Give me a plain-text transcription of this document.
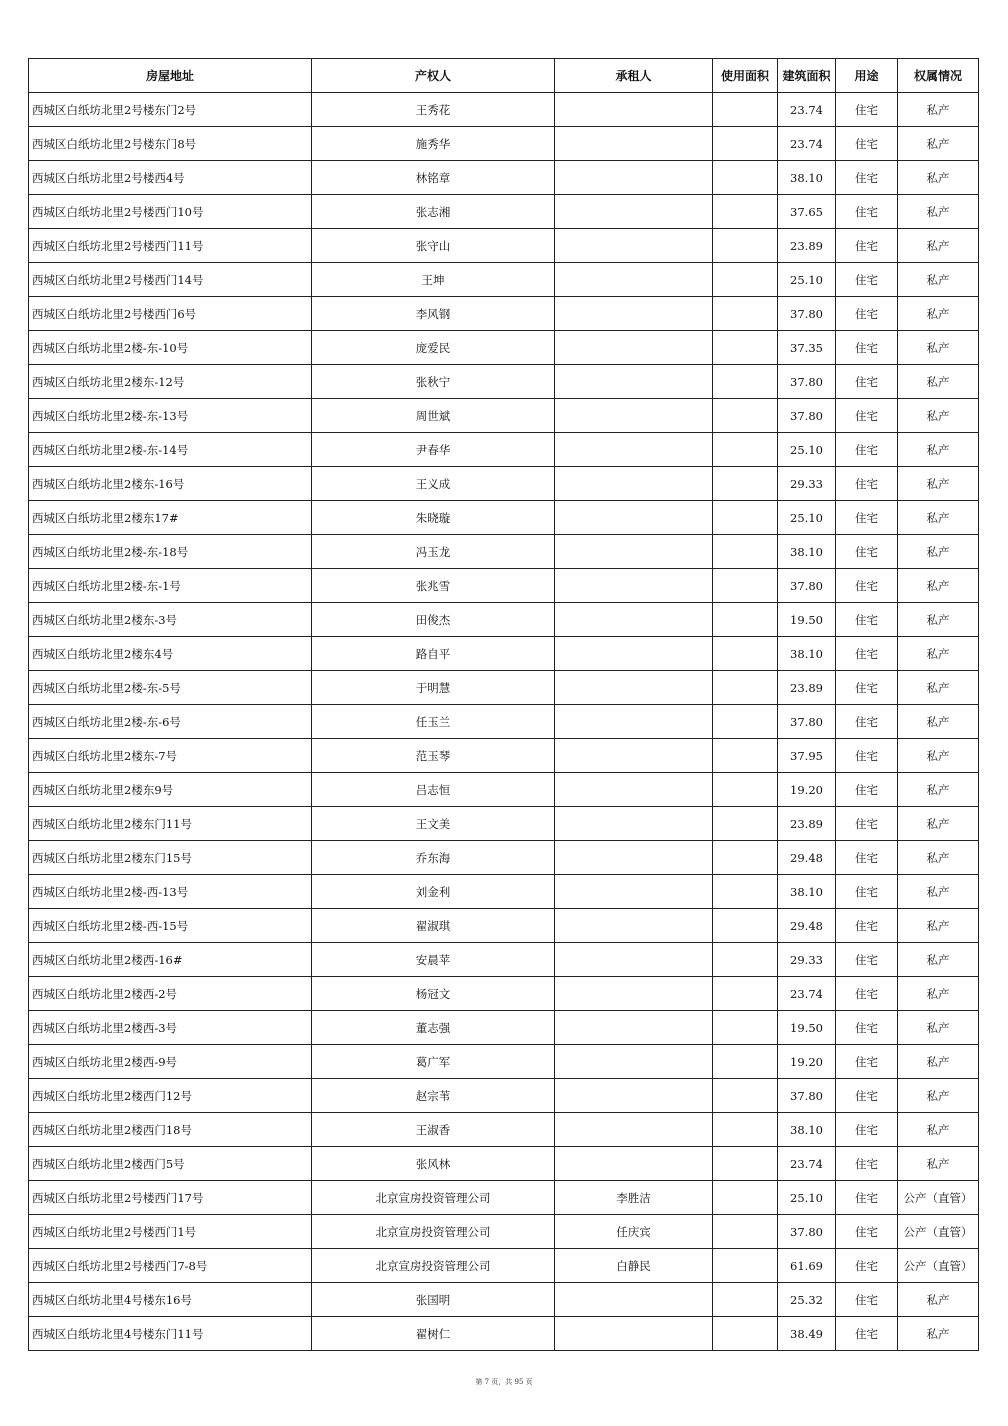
房屋地址	产权人	承租人	使用面积	建筑面积	用途	权属情况
西城区白纸坊北里2号楼东门2号	王秀花			23.74	住宅	私产
西城区白纸坊北里2号楼东门8号	施秀华			23.74	住宅	私产
西城区白纸坊北里2号楼西4号	林铭章			38.10	住宅	私产
西城区白纸坊北里2号楼西门10号	张志湘			37.65	住宅	私产
西城区白纸坊北里2号楼西门11号	张守山			23.89	住宅	私产
西城区白纸坊北里2号楼西门14号	王坤			25.10	住宅	私产
西城区白纸坊北里2号楼西门6号	李风钢			37.80	住宅	私产
西城区白纸坊北里2楼-东-10号	庞爱民			37.35	住宅	私产
西城区白纸坊北里2楼东-12号	张秋宁			37.80	住宅	私产
西城区白纸坊北里2楼-东-13号	周世斌			37.80	住宅	私产
西城区白纸坊北里2楼-东-14号	尹春华			25.10	住宅	私产
西城区白纸坊北里2楼东-16号	王义成			29.33	住宅	私产
西城区白纸坊北里2楼东17#	朱晓璇			25.10	住宅	私产
西城区白纸坊北里2楼-东-18号	冯玉龙			38.10	住宅	私产
西城区白纸坊北里2楼-东-1号	张兆雪			37.80	住宅	私产
西城区白纸坊北里2楼东-3号	田俊杰			19.50	住宅	私产
西城区白纸坊北里2楼东4号	路自平			38.10	住宅	私产
西城区白纸坊北里2楼-东-5号	于明慧			23.89	住宅	私产
西城区白纸坊北里2楼-东-6号	任玉兰			37.80	住宅	私产
西城区白纸坊北里2楼东-7号	范玉琴			37.95	住宅	私产
西城区白纸坊北里2楼东9号	吕志恒			19.20	住宅	私产
西城区白纸坊北里2楼东门11号	王文美			23.89	住宅	私产
西城区白纸坊北里2楼东门15号	乔东海			29.48	住宅	私产
西城区白纸坊北里2楼-西-13号	刘金利			38.10	住宅	私产
西城区白纸坊北里2楼-西-15号	翟淑琪			29.48	住宅	私产
西城区白纸坊北里2楼西-16#	安晨苹			29.33	住宅	私产
西城区白纸坊北里2楼西-2号	杨冠文			23.74	住宅	私产
西城区白纸坊北里2楼西-3号	董志强			19.50	住宅	私产
西城区白纸坊北里2楼西-9号	葛广军			19.20	住宅	私产
西城区白纸坊北里2楼西门12号	赵宗苇			37.80	住宅	私产
西城区白纸坊北里2楼西门18号	王淑香			38.10	住宅	私产
西城区白纸坊北里2楼西门5号	张风林			23.74	住宅	私产
西城区白纸坊北里2号楼西门17号	北京宣房投资管理公司	李胜洁		25.10	住宅	公产（直管）
西城区白纸坊北里2号楼西门1号	北京宣房投资管理公司	任庆宾		37.80	住宅	公产（直管）
西城区白纸坊北里2号楼西门7-8号	北京宣房投资管理公司	白静民		61.69	住宅	公产（直管）
西城区白纸坊北里4号楼东16号	张国明			25.32	住宅	私产
西城区白纸坊北里4号楼东门11号	翟树仁			38.49	住宅	私产
第 7 页，共 95 页
